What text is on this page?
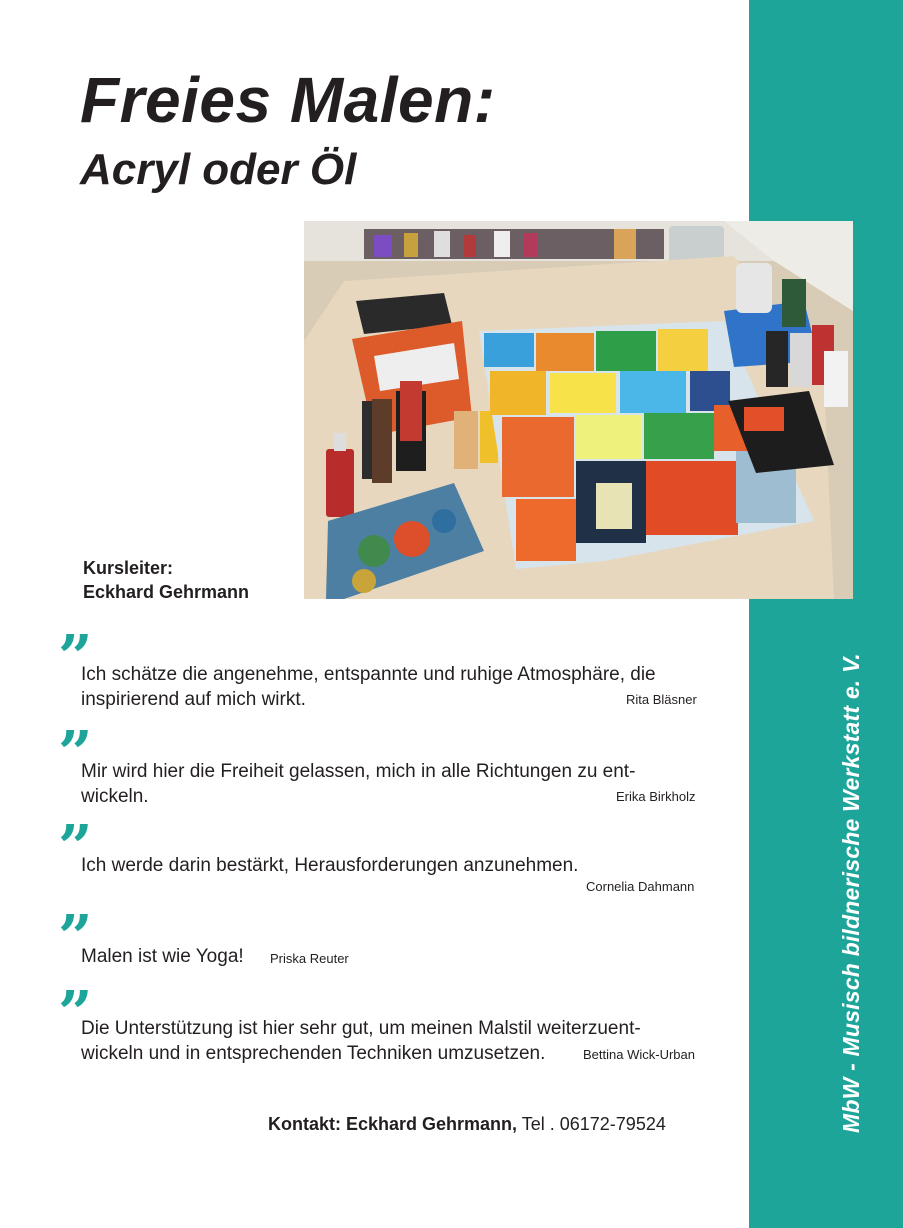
MbW - Musisch bildnerische Werkstatt e. V.
Freies Malen:
Acryl oder Öl
Kursleiter:
Eckhard Gehrmann
”
Ich schätze die angenehme, entspannte und ruhige Atmosphäre, die
inspirierend auf mich wirkt.	Rita Bläsner
”
Mir wird hier die Freiheit gelassen, mich in alle Richtungen zu ent-
wickeln.	Erika Birkholz
”
Ich werde darin bestärkt, Herausforderungen anzunehmen.
Cornelia Dahmann
”
Malen ist wie Yoga! Priska Reuter
”
Die Unterstützung ist hier sehr gut, um meinen Malstil weiterzuent-
wickeln und in entsprechenden Techniken umzusetzen.	Bettina Wick-Urban
Kontakt: Eckhard Gehrmann, Tel . 06172-79524
